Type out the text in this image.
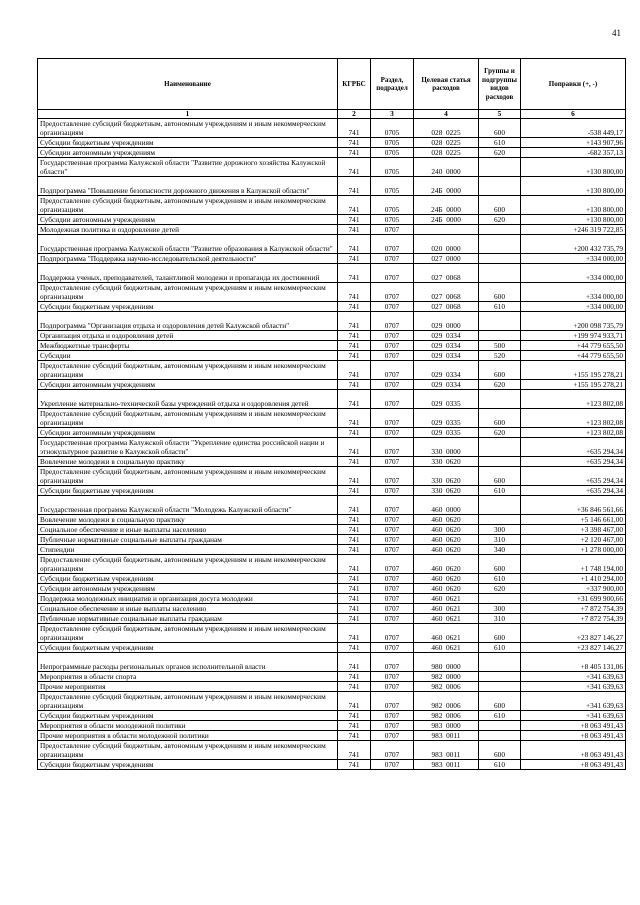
41
Наименование	КГРБС	Раздел, подраздел	Целевая статья расходов	Группы и подгруппы видов расходов	Поправки (+, -)
1	2	3	4	5	6
Предоставление субсидий бюджетным, автономным учреждениям и иным некоммерческим организациям	741	0705	028  0225	600	-538 449,17
Субсидии бюджетным учреждениям	741	0705	028  0225	610	+143 907,96
Субсидии автономным учреждениям	741	0705	028  0225	620	-682 357,13
Государственная программа Калужской области "Развитие дорожного хозяйства Калужской области"	741	0705	240  0000		+130 800,00
Подпрограмма "Повышение безопасности дорожного движения в Калужской области"	741	0705	24Б  0000		+130 800,00
Предоставление субсидий бюджетным, автономным учреждениям и иным некоммерческим организациям	741	0705	24Б  0000	600	+130 800,00
Субсидии автономным учреждениям	741	0705	24Б  0000	620	+130 800,00
Молодежная политика и оздоровление детей	741	0707			+246 319 722,85
Государственная программа Калужской области "Развитие образования в Калужской области"	741	0707	020  0000		+200 432 735,79
Подпрограмма "Поддержка научно-исследовательской деятельности"	741	0707	027  0000		+334 000,00
Поддержка ученых, преподавателей, талантливой молодежи и пропаганда их достижений	741	0707	027  0068		+334 000,00
Предоставление субсидий бюджетным, автономным учреждениям и иным некоммерческим организациям	741	0707	027  0068	600	+334 000,00
Субсидии бюджетным учреждениям	741	0707	027  0068	610	+334 000,00
Подпрограмма "Организация отдыха и оздоровления детей Калужской области"	741	0707	029  0000		+200 098 735,79
Организация отдыха и оздоровления детей	741	0707	029  0334		+199 974 933,71
Межбюджетные трансферты	741	0707	029  0334	500	+44 779 655,50
Субсидии	741	0707	029  0334	520	+44 779 655,50
Предоставление субсидий бюджетным, автономным учреждениям и иным некоммерческим организациям	741	0707	029  0334	600	+155 195 278,21
Субсидии автономным учреждениям	741	0707	029  0334	620	+155 195 278,21
Укрепление материально-технической базы учреждений отдыха и оздоровления детей	741	0707	029  0335		+123 802,08
Предоставление субсидий бюджетным, автономным учреждениям и иным некоммерческим организациям	741	0707	029  0335	600	+123 802,08
Субсидии автономным учреждениям	741	0707	029  0335	620	+123 802,08
Государственная программа Калужской области "Укрепление единства российской нации и этнокультурное развитие в Калужской области"	741	0707	330  0000		+635 294,34
Вовлечение молодежи в социальную практику	741	0707	330  0620		+635 294,34
Предоставление субсидий бюджетным, автономным учреждениям и иным некоммерческим организациям	741	0707	330  0620	600	+635 294,34
Субсидии бюджетным учреждениям	741	0707	330  0620	610	+635 294,34
Государственная программа Калужской области "Молодежь Калужской области"	741	0707	460  0000		+36 846 561,66
Вовлечение молодежи в социальную практику	741	0707	460  0620		+5 146 661,00
Социальное обеспечение и иные выплаты населению	741	0707	460  0620	300	+3 398 467,00
Публичные нормативные социальные выплаты гражданам	741	0707	460  0620	310	+2 120 467,00
Стипендии	741	0707	460  0620	340	+1 278 000,00
Предоставление субсидий бюджетным, автономным учреждениям и иным некоммерческим организациям	741	0707	460  0620	600	+1 748 194,00
Субсидии бюджетным учреждениям	741	0707	460  0620	610	+1 410 294,00
Субсидии автономным учреждениям	741	0707	460  0620	620	+337 900,00
Поддержка молодежных инициатив и организация досуга молодежи	741	0707	460  0621		+31 699 900,66
Социальное обеспечение и иные выплаты населению	741	0707	460  0621	300	+7 872 754,39
Публичные нормативные социальные выплаты гражданам	741	0707	460  0621	310	+7 872 754,39
Предоставление субсидий бюджетным, автономным учреждениям и иным некоммерческим организациям	741	0707	460  0621	600	+23 827 146,27
Субсидии бюджетным учреждениям	741	0707	460  0621	610	+23 827 146,27
Непрограммные расходы региональных органов исполнительной власти	741	0707	980  0000		+8 405 131,06
Мероприятия в области спорта	741	0707	982  0000		+341 639,63
Прочие мероприятия	741	0707	982  0006		+341 639,63
Предоставление субсидий бюджетным, автономным учреждениям и иным некоммерческим организациям	741	0707	982  0006	600	+341 639,63
Субсидии бюджетным учреждениям	741	0707	982  0006	610	+341 639,63
Мероприятия в области молодежной политики	741	0707	983  0000		+8 063 491,43
Прочие мероприятия в области молодежной политики	741	0707	983  0011		+8 063 491,43
Предоставление субсидий бюджетным, автономным учреждениям и иным некоммерческим организациям	741	0707	983  0011	600	+8 063 491,43
Субсидии бюджетным учреждениям	741	0707	983  0011	610	+8 063 491,43
